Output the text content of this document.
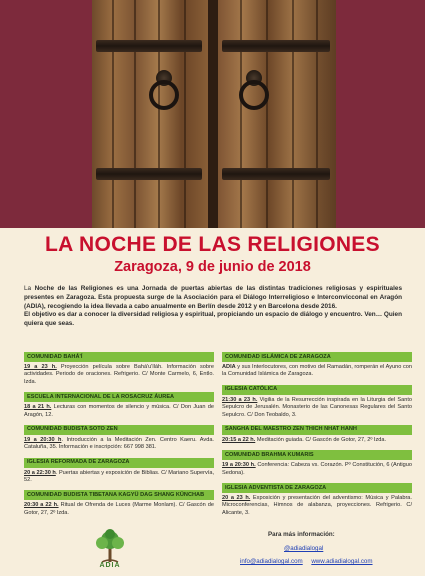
LA NOCHE DE LAS RELIGIONES
Zaragoza, 9 de junio de 2018
La Noche de las Religiones es una Jornada de puertas abiertas de las distintas tradiciones religiosas y espirituales presentes en Zaragoza. Esta propuesta surge de la Asociación para el Diálogo Interreligioso e Interconvicconal en Aragón (ADIA), recogiendo la idea llevada a cabo anualmente en Berlín desde 2012 y en Barcelona desde 2016.
El objetivo es dar a conocer la diversidad religiosa y espiritual, propiciando un espacio de diálogo y encuentro. Ven… Quien quiera que seas.
COMUNIDAD BAHÁ'Í
19 a 23 h. Proyección película sobre Bahá'u'lláh. Información sobre actividades. Periodo de oraciones. Refrigerio. C/ Monte Carmelo, 6, Entlo. Izda.
ESCUELA INTERNACIONAL DE LA ROSACRUZ ÁUREA
18 a 21 h. Lecturas con momentos de silencio y música. C/ Don Juan de Aragón, 12.
COMUNIDAD BUDISTA SOTO ZEN
19 a 20:30 h. Introducción a la Meditación Zen. Centro Kaeru. Avda. Cataluña, 35. Información e inscripción: 667 998 381.
IGLESIA REFORMADA DE ZARAGOZA
20 a 22:30 h. Puertas abiertas y exposición de Biblias. C/ Mariano Supervía, 52.
COMUNIDAD BUDISTA TIBETANA KAGYÜ DAG SHANG KÜNCHAB
20:30 a 22 h. Ritual de Ofrenda de Luces (Marme Monlam). C/ Gascón de Gotor, 27, 2º Izda.
COMUNIDAD ISLÁMICA DE ZARAGOZA
ADIA y sus Interlocutores, con motivo del Ramadán, romperán el Ayuno con la Comunidad Islámica de Zaragoza.
IGLESIA CATÓLICA
21:30 a 23 h. Vigilia de la Resurrección inspirada en la Liturgia del Santo Sepulcro de Jerusalén. Monasterio de las Canonesas Regulares del Santo Sepulcro. C/ Don Teobaldo, 3.
SANGHA DEL MAESTRO ZEN THICH NHAT HANH
20:15 a 22 h. Meditación guiada. C/ Gascón de Gotor, 27, 2º Izda.
COMUNIDAD BRAHMA KUMARIS
19 a 20:30 h. Conferencia: Cabeza vs. Corazón. Pº Constitución, 6 (Antiguo Sedona).
IGLESIA ADVENTISTA DE ZARAGOZA
20 a 23 h. Exposición y presentación del adventismo: Música y Palabra. Microconferencias, Himnos de alabanza, proyecciones. Refrigerio. C/ Alicante, 3.
ADIA
Para más información:
@adiadialogal
info@adiadialogal.com www.adiadialogal.com
